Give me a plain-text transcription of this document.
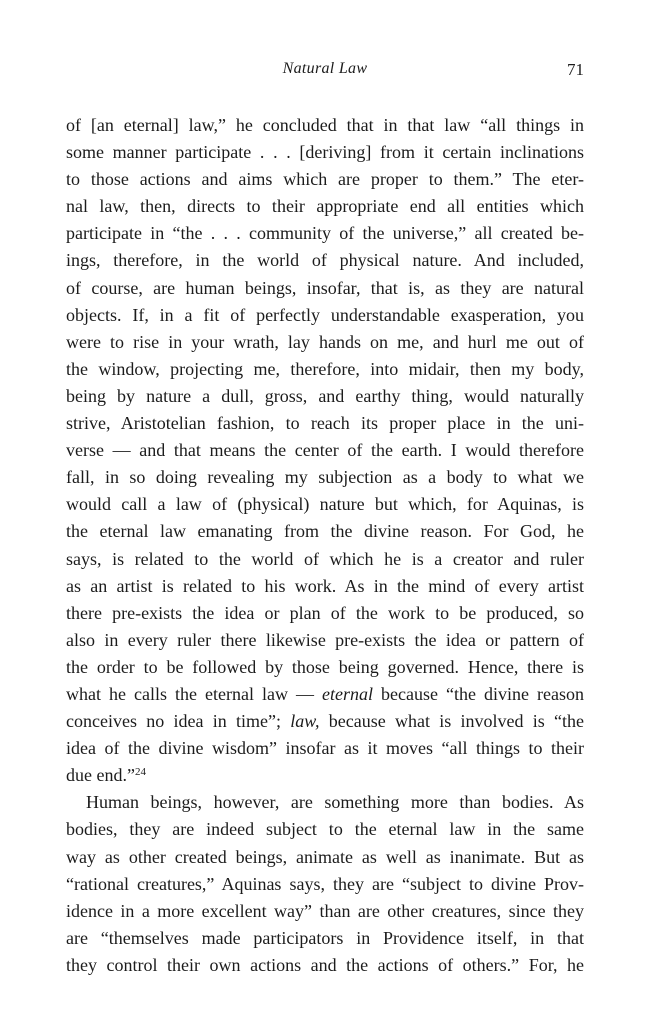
Natural Law	71
of [an eternal] law,” he concluded that in that law “all things in
some manner participate . . . [deriving] from it certain inclinations
to those actions and aims which are proper to them.” The eter-
nal law, then, directs to their appropriate end all entities which
participate in “the . . . community of the universe,” all created be-
ings, therefore, in the world of physical nature. And included,
of course, are human beings, insofar, that is, as they are natural
objects. If, in a fit of perfectly understandable exasperation, you
were to rise in your wrath, lay hands on me, and hurl me out of
the window, projecting me, therefore, into midair, then my body,
being by nature a dull, gross, and earthy thing, would naturally
strive, Aristotelian fashion, to reach its proper place in the uni-
verse — and that means the center of the earth. I would therefore
fall, in so doing revealing my subjection as a body to what we
would call a law of (physical) nature but which, for Aquinas, is
the eternal law emanating from the divine reason. For God, he
says, is related to the world of which he is a creator and ruler
as an artist is related to his work. As in the mind of every artist
there pre-exists the idea or plan of the work to be produced, so
also in every ruler there likewise pre-exists the idea or pattern of
the order to be followed by those being governed. Hence, there is
what he calls the eternal law — eternal because “the divine reason
conceives no idea in time”; law, because what is involved is “the
idea of the divine wisdom” insofar as it moves “all things to their
due end.”$^{24}$
Human beings, however, are something more than bodies. As
bodies, they are indeed subject to the eternal law in the same
way as other created beings, animate as well as inanimate. But as
“rational creatures,” Aquinas says, they are “subject to divine Prov-
idence in a more excellent way” than are other creatures, since they
are “themselves made participators in Providence itself, in that
they control their own actions and the actions of others.” For, he
